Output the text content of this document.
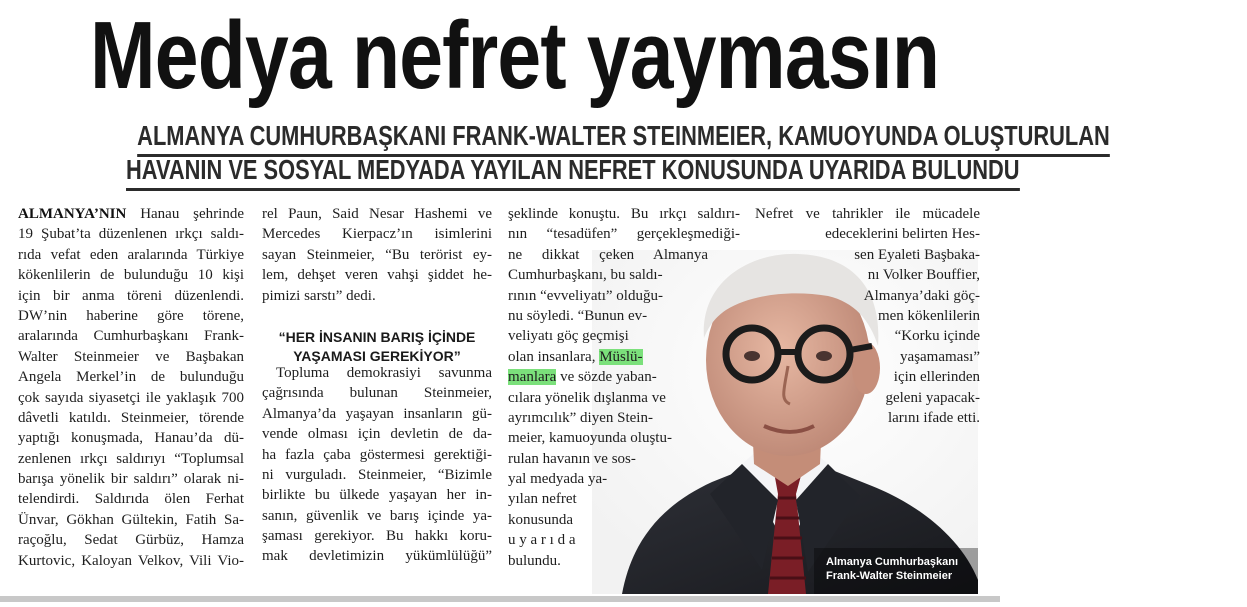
Medya nefret yaymasın
ALMANYA CUMHURBAŞKANI FRANK-WALTER STEINMEIER, KAMUOYUNDA OLUŞTURULAN
HAVANIN VE SOSYAL MEDYADA YAYILAN NEFRET KONUSUNDA UYARIDA BULUNDU
ALMANYA’NIN Hanau şehrinde
19 Şubat’ta düzenlenen ırkçı saldı-
rıda vefat eden aralarında Türkiye
kökenlilerin de bulunduğu 10 kişi
için bir anma töreni düzenlendi.
DW’nin haberine göre törene,
aralarında Cumhurbaşkanı Frank-
Walter Steinmeier ve Başbakan
Angela Merkel’in de bulunduğu
çok sayıda siyasetçi ile yaklaşık 700
dâvetli katıldı. Steinmeier, törende
yaptığı konuşmada, Hanau’da dü-
zenlenen ırkçı saldırıyı “Toplumsal
barışa yönelik bir saldırı” olarak ni-
telendirdi. Saldırıda ölen Ferhat
Ünvar, Gökhan Gültekin, Fatih Sa-
raçoğlu, Sedat Gürbüz, Hamza
Kurtovic, Kaloyan Velkov, Vili Vio-
rel Paun, Said Nesar Hashemi ve
Mercedes Kierpacz’ın isimlerini
sayan Steinmeier, “Bu terörist ey-
lem, dehşet veren vahşi şiddet he-
pimizi sarstı” dedi.
Topluma demokrasiyi savunma
çağrısında bulunan Steinmeier,
Almanya’da yaşayan insanların gü-
vende olması için devletin de da-
ha fazla çaba göstermesi gerektiği-
ni vurguladı. Steinmeier, “Bizimle
birlikte bu ülkede yaşayan her in-
sanın, güvenlik ve barış içinde ya-
şaması gerekiyor. Bu hakkı koru-
mak devletimizin yükümlülüğü”
“HER İNSANIN BARIŞ İÇİNDE
YAŞAMASI GEREKİYOR”
Almanya Cumhurbaşkanı
Frank-Walter Steinmeier
şeklinde konuştu. Bu ırkçı saldırı-
nın “tesadüfen” gerçekleşmediği-
ne dikkat çeken Almanya
Cumhurbaşkanı, bu saldı-
rının “evveliyatı” olduğu-
nu söyledi. “Bunun ev-
veliyatı göç geçmişi
olan insanlara, Müslü-
manlara ve sözde yaban-
cılara yönelik dışlanma ve
ayrımcılık” diyen Stein-
meier, kamuoyunda oluştu-
rulan havanın ve sos-
yal medyada ya-
yılan nefret
konusunda
u y a r ı d a
bulundu.
Nefret ve tahrikler ile mücadele
edeceklerini belirten Hes-
sen Eyaleti Başbaka-
nı Volker Bouffier,
Almanya’daki göç-
men kökenlilerin
“Korku içinde
yaşamaması”
için ellerinden
geleni yapacak-
larını ifade etti.
